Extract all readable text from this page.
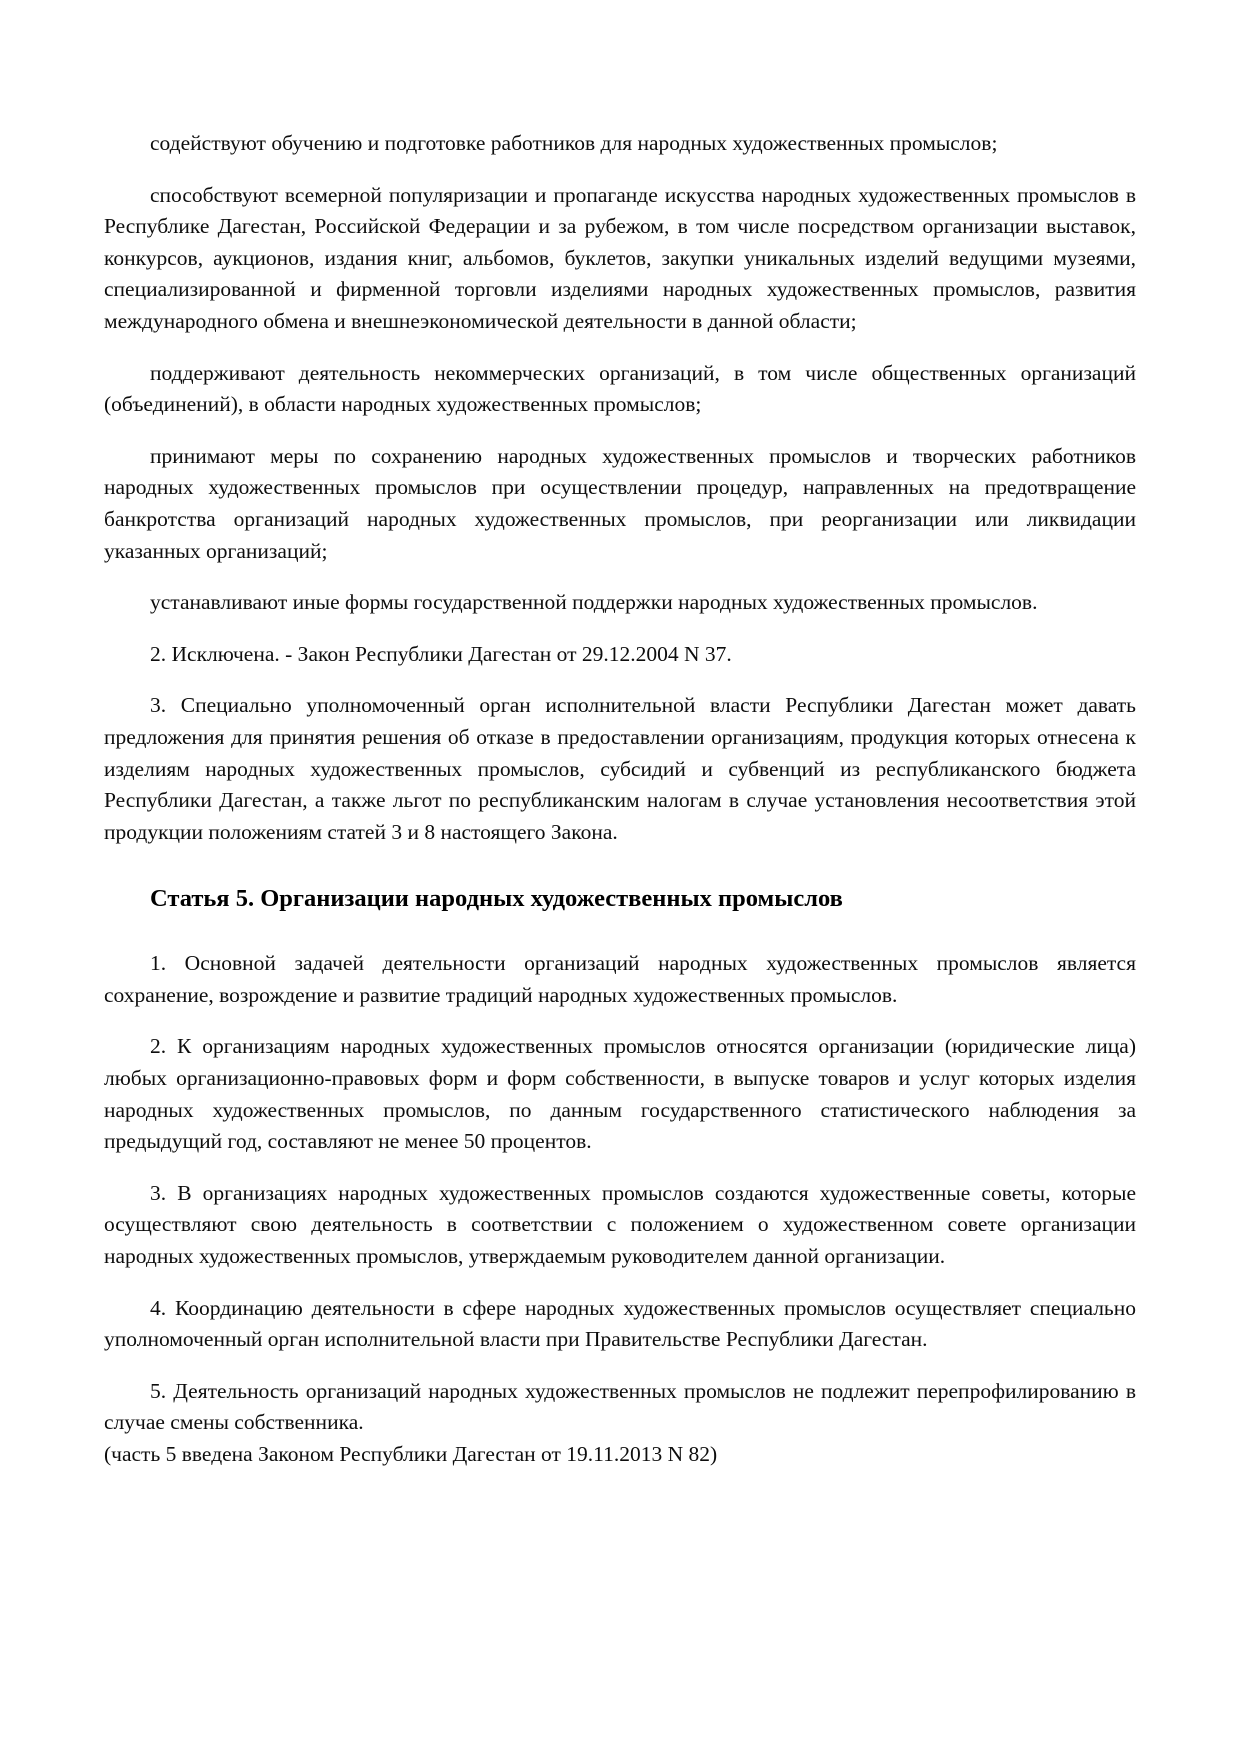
содействуют обучению и подготовке работников для народных художественных промыслов;

способствуют всемерной популяризации и пропаганде искусства народных художественных промыслов в Республике Дагестан, Российской Федерации и за рубежом, в том числе посредством организации выставок, конкурсов, аукционов, издания книг, альбомов, буклетов, закупки уникальных изделий ведущими музеями, специализированной и фирменной торговли изделиями народных художественных промыслов, развития международного обмена и внешнеэкономической деятельности в данной области;

поддерживают деятельность некоммерческих организаций, в том числе общественных организаций (объединений), в области народных художественных промыслов;

принимают меры по сохранению народных художественных промыслов и творческих работников народных художественных промыслов при осуществлении процедур, направленных на предотвращение банкротства организаций народных художественных промыслов, при реорганизации или ликвидации указанных организаций;

устанавливают иные формы государственной поддержки народных художественных промыслов.

2. Исключена. - Закон Республики Дагестан от 29.12.2004 N 37.

3. Специально уполномоченный орган исполнительной власти Республики Дагестан может давать предложения для принятия решения об отказе в предоставлении организациям, продукция которых отнесена к изделиям народных художественных промыслов, субсидий и субвенций из республиканского бюджета Республики Дагестан, а также льгот по республиканским налогам в случае установления несоответствия этой продукции положениям статей 3 и 8 настоящего Закона.

Статья 5. Организации народных художественных промыслов

1. Основной задачей деятельности организаций народных художественных промыслов является сохранение, возрождение и развитие традиций народных художественных промыслов.

2. К организациям народных художественных промыслов относятся организации (юридические лица) любых организационно-правовых форм и форм собственности, в выпуске товаров и услуг которых изделия народных художественных промыслов, по данным государственного статистического наблюдения за предыдущий год, составляют не менее 50 процентов.

3. В организациях народных художественных промыслов создаются художественные советы, которые осуществляют свою деятельность в соответствии с положением о художественном совете организации народных художественных промыслов, утверждаемым руководителем данной организации.

4. Координацию деятельности в сфере народных художественных промыслов осуществляет специально уполномоченный орган исполнительной власти при Правительстве Республики Дагестан.

5. Деятельность организаций народных художественных промыслов не подлежит перепрофилированию в случае смены собственника.

(часть 5 введена Законом Республики Дагестан от 19.11.2013 N 82)
